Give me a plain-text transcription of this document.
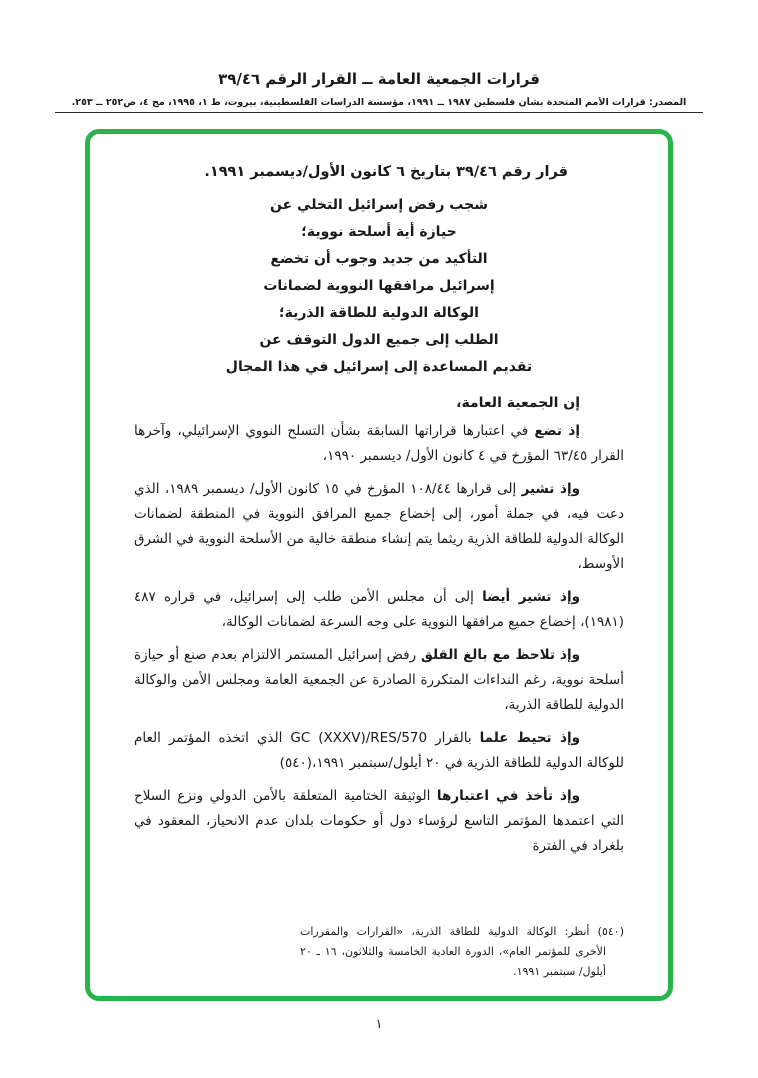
قرارات الجمعية العامة ــ القرار الرقم ٣٩/٤٦
المصدر: قرارات الأمم المتحدة بشأن فلسطين ١٩٨٧ ــ ١٩٩١، مؤسسة الدراسات الفلسطينية، بيروت، ط ١، ١٩٩٥، مج ٤، ص٢٥٢ ــ ٢٥٣.

قرار رقم ٣٩/٤٦ بتاريخ ٦ كانون الأول/ديسمبر ١٩٩١.

شجب رفض إسرائيل التخلي عن
حيازة أية أسلحة نووية؛
التأكيد من جديد وجوب أن تخضع
إسرائيل مرافقها النووية لضمانات
الوكالة الدولية للطاقة الذرية؛
الطلب إلى جميع الدول التوقف عن
تقديم المساعدة إلى إسرائيل في هذا المجال

إن الجمعية العامة،

إذ تضع في اعتبارها قراراتها السابقة بشأن التسلح النووي الإسرائيلي، وآخرها القرار ٦٣/٤٥ المؤرخ في ٤ كانون الأول/ ديسمبر ١٩٩٠،

وإذ تشير إلى قرارها ١٠٨/٤٤ المؤرخ في ١٥ كانون الأول/ ديسمبر ١٩٨٩، الذي دعت فيه، في جملة أمور، إلى إخضاع جميع المرافق النووية في المنطقة لضمانات الوكالة الدولية للطاقة الذرية ريثما يتم إنشاء منطقة خالية من الأسلحة النووية في الشرق الأوسط،

وإذ تشير أيضا إلى أن مجلس الأمن طلب إلى إسرائيل، في قراره ٤٨٧ (١٩٨١)، إخضاع جميع مرافقها النووية على وجه السرعة لضمانات الوكالة،

وإذ تلاحظ مع بالغ القلق رفض إسرائيل المستمر الالتزام بعدم صنع أو حيازة أسلحة نووية، رغم النداءات المتكررة الصادرة عن الجمعية العامة ومجلس الأمن والوكالة الدولية للطاقة الذرية،

وإذ تحيط علما بالقرار GC (XXXV)/RES/570 الذي اتخذه المؤتمر العام للوكالة الدولية للطاقة الذرية في ٢٠ أيلول/سبتمبر ١٩٩١،(٥٤٠)

وإذ تأخذ في اعتبارها الوثيقة الختامية المتعلقة بالأمن الدولي ونزع السلاح التي اعتمدها المؤتمر التاسع لرؤساء دول أو حكومات بلدان عدم الانحياز، المعقود في بلغراد في الفترة

(٥٤٠) أنظر: الوكالة الدولية للطاقة الذرية، «القرارات والمقررات الأخرى للمؤتمر العام»، الدورة العادية الخامسة والثلاثون، ١٦ ـ ٢٠ أيلول/ سبتمبر ١٩٩١.
١
